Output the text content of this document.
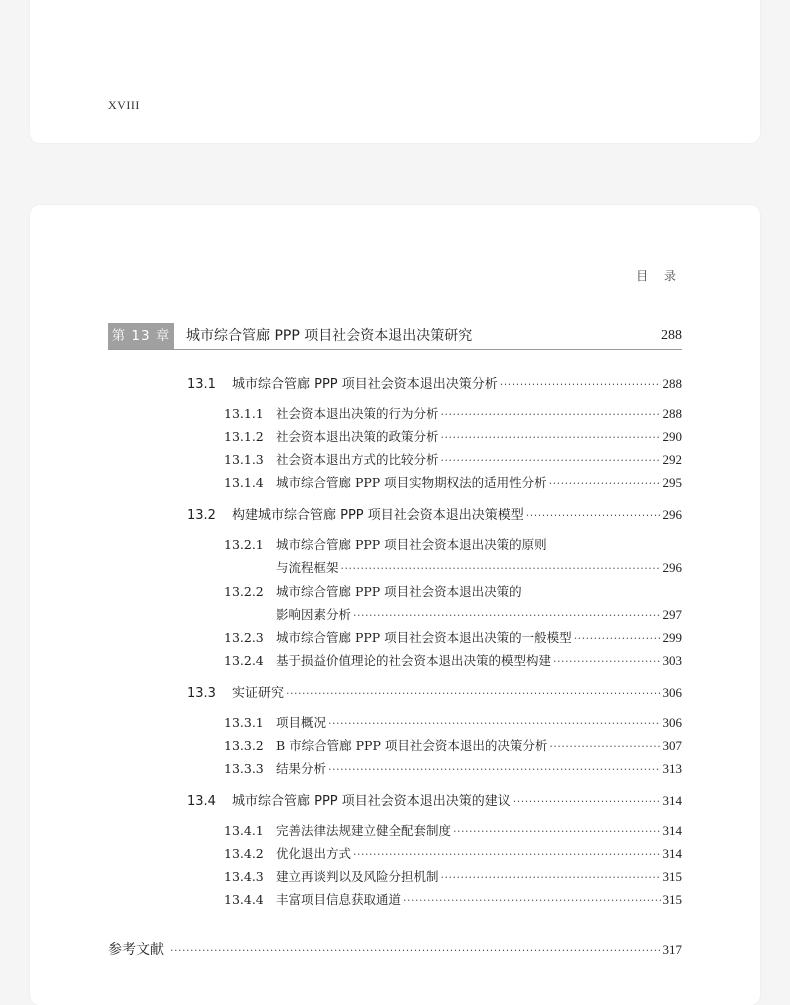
XVIII
目 录
第 13 章 城市综合管廊 PPP 项目社会资本退出决策研究	288
13.1	城市综合管廊 PPP 项目社会资本退出决策分析 ·····	288
13.1.1 社会资本退出决策的行为分析 ·····	288
13.1.2 社会资本退出决策的政策分析 ·····	290
13.1.3 社会资本退出方式的比较分析 ·····	292
13.1.4 城市综合管廊 PPP 项目实物期权法的适用性分析 ·····	295
13.2	构建城市综合管廊 PPP 项目社会资本退出决策模型 ·····	296
13.2.1 城市综合管廊 PPP 项目社会资本退出决策的原则
与流程框架 ·····	296
13.2.2 城市综合管廊 PPP 项目社会资本退出决策的
影响因素分析 ·····	297
13.2.3 城市综合管廊 PPP 项目社会资本退出决策的一般模型 ·····	299
13.2.4 基于损益价值理论的社会资本退出决策的模型构建 ·····	303
13.3	实证研究 ·····	306
13.3.1 项目概况 ·····	306
13.3.2 B 市综合管廊 PPP 项目社会资本退出的决策分析 ·····	307
13.3.3 结果分析 ·····	313
13.4	城市综合管廊 PPP 项目社会资本退出决策的建议 ·····	314
13.4.1 完善法律法规建立健全配套制度 ·····	314
13.4.2 优化退出方式 ·····	314
13.4.3 建立再谈判以及风险分担机制 ·····	315
13.4.4 丰富项目信息获取通道 ·····	315
参考文献 ·····	317
